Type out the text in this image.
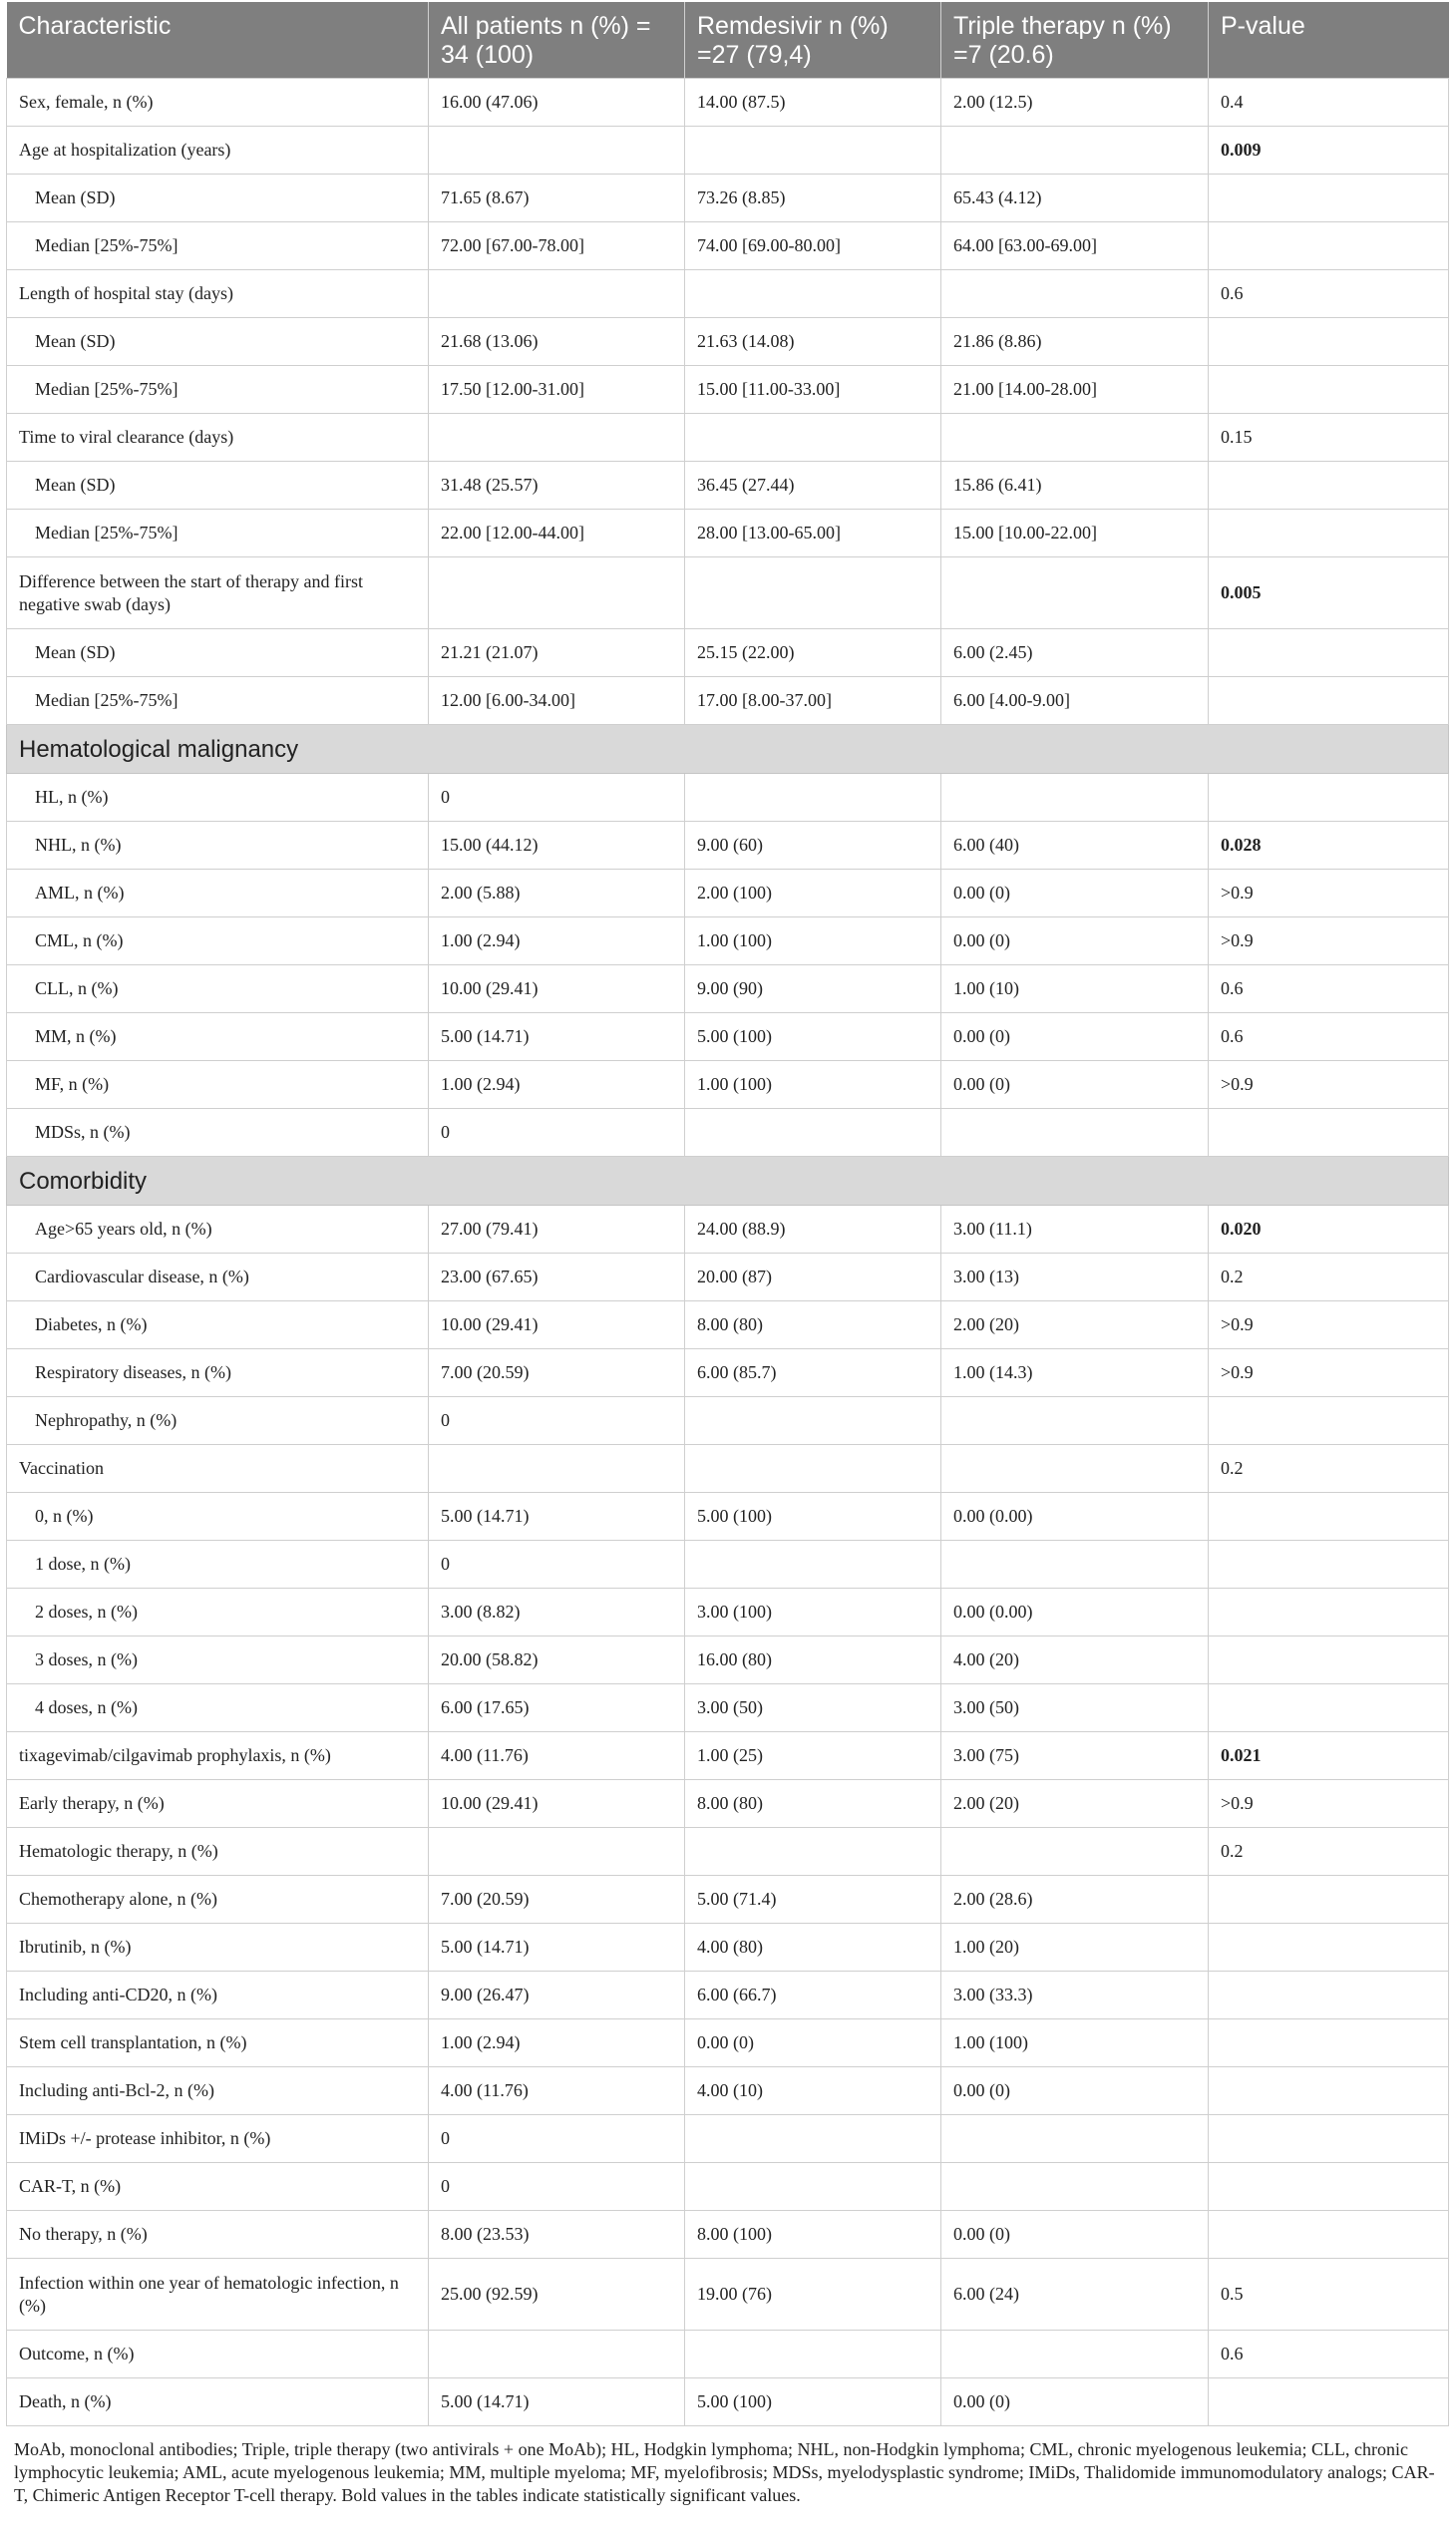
Characteristic	All patients n (%) = 34 (100)	Remdesivir n (%) =27 (79,4)	Triple therapy n (%) =7 (20.6)	P-value
Sex, female, n (%)	16.00 (47.06)	14.00 (87.5)	2.00 (12.5)	0.4
Age at hospitalization (years)				0.009
Mean (SD)	71.65 (8.67)	73.26 (8.85)	65.43 (4.12)	
Median [25%-75%]	72.00 [67.00-78.00]	74.00 [69.00-80.00]	64.00 [63.00-69.00]	
Length of hospital stay (days)				0.6
Mean (SD)	21.68 (13.06)	21.63 (14.08)	21.86 (8.86)	
Median [25%-75%]	17.50 [12.00-31.00]	15.00 [11.00-33.00]	21.00 [14.00-28.00]	
Time to viral clearance (days)				0.15
Mean (SD)	31.48 (25.57)	36.45 (27.44)	15.86 (6.41)	
Median [25%-75%]	22.00 [12.00-44.00]	28.00 [13.00-65.00]	15.00 [10.00-22.00]	
Difference between the start of therapy and first negative swab (days)				0.005
Mean (SD)	21.21 (21.07)	25.15 (22.00)	6.00 (2.45)	
Median [25%-75%]	12.00 [6.00-34.00]	17.00 [8.00-37.00]	6.00 [4.00-9.00]	
Hematological malignancy				
HL, n (%)	0			
NHL, n (%)	15.00 (44.12)	9.00 (60)	6.00 (40)	0.028
AML, n (%)	2.00 (5.88)	2.00 (100)	0.00 (0)	>0.9
CML, n (%)	1.00 (2.94)	1.00 (100)	0.00 (0)	>0.9
CLL, n (%)	10.00 (29.41)	9.00 (90)	1.00 (10)	0.6
MM, n (%)	5.00 (14.71)	5.00 (100)	0.00 (0)	0.6
MF, n (%)	1.00 (2.94)	1.00 (100)	0.00 (0)	>0.9
MDSs, n (%)	0			
Comorbidity				
Age>65 years old, n (%)	27.00 (79.41)	24.00 (88.9)	3.00 (11.1)	0.020
Cardiovascular disease, n (%)	23.00 (67.65)	20.00 (87)	3.00 (13)	0.2
Diabetes, n (%)	10.00 (29.41)	8.00 (80)	2.00 (20)	>0.9
Respiratory diseases, n (%)	7.00 (20.59)	6.00 (85.7)	1.00 (14.3)	>0.9
Nephropathy, n (%)	0			
Vaccination				0.2
0, n (%)	5.00 (14.71)	5.00 (100)	0.00 (0.00)	
1 dose, n (%)	0			
2 doses, n (%)	3.00 (8.82)	3.00 (100)	0.00 (0.00)	
3 doses, n (%)	20.00 (58.82)	16.00 (80)	4.00 (20)	
4 doses, n (%)	6.00 (17.65)	3.00 (50)	3.00 (50)	
tixagevimab/cilgavimab prophylaxis, n (%)	4.00 (11.76)	1.00 (25)	3.00 (75)	0.021
Early therapy, n (%)	10.00 (29.41)	8.00 (80)	2.00 (20)	>0.9
Hematologic therapy, n (%)				0.2
Chemotherapy alone, n (%)	7.00 (20.59)	5.00 (71.4)	2.00 (28.6)	
Ibrutinib, n (%)	5.00 (14.71)	4.00 (80)	1.00 (20)	
Including anti-CD20, n (%)	9.00 (26.47)	6.00 (66.7)	3.00 (33.3)	
Stem cell transplantation, n (%)	1.00 (2.94)	0.00 (0)	1.00 (100)	
Including anti-Bcl-2, n (%)	4.00 (11.76)	4.00 (10)	0.00 (0)	
IMiDs +/- protease inhibitor, n (%)	0			
CAR-T, n (%)	0			
No therapy, n (%)	8.00 (23.53)	8.00 (100)	0.00 (0)	
Infection within one year of hematologic infection, n (%)	25.00 (92.59)	19.00 (76)	6.00 (24)	0.5
Outcome, n (%)				0.6
Death, n (%)	5.00 (14.71)	5.00 (100)	0.00 (0)	
MoAb, monoclonal antibodies; Triple, triple therapy (two antivirals + one MoAb); HL, Hodgkin lymphoma; NHL, non-Hodgkin lymphoma; CML, chronic myelogenous leukemia; CLL, chronic lymphocytic leukemia; AML, acute myelogenous leukemia; MM, multiple myeloma; MF, myelofibrosis; MDSs, myelodysplastic syndrome; IMiDs, Thalidomide immunomodulatory analogs; CAR-T, Chimeric Antigen Receptor T-cell therapy. Bold values in the tables indicate statistically significant values.
